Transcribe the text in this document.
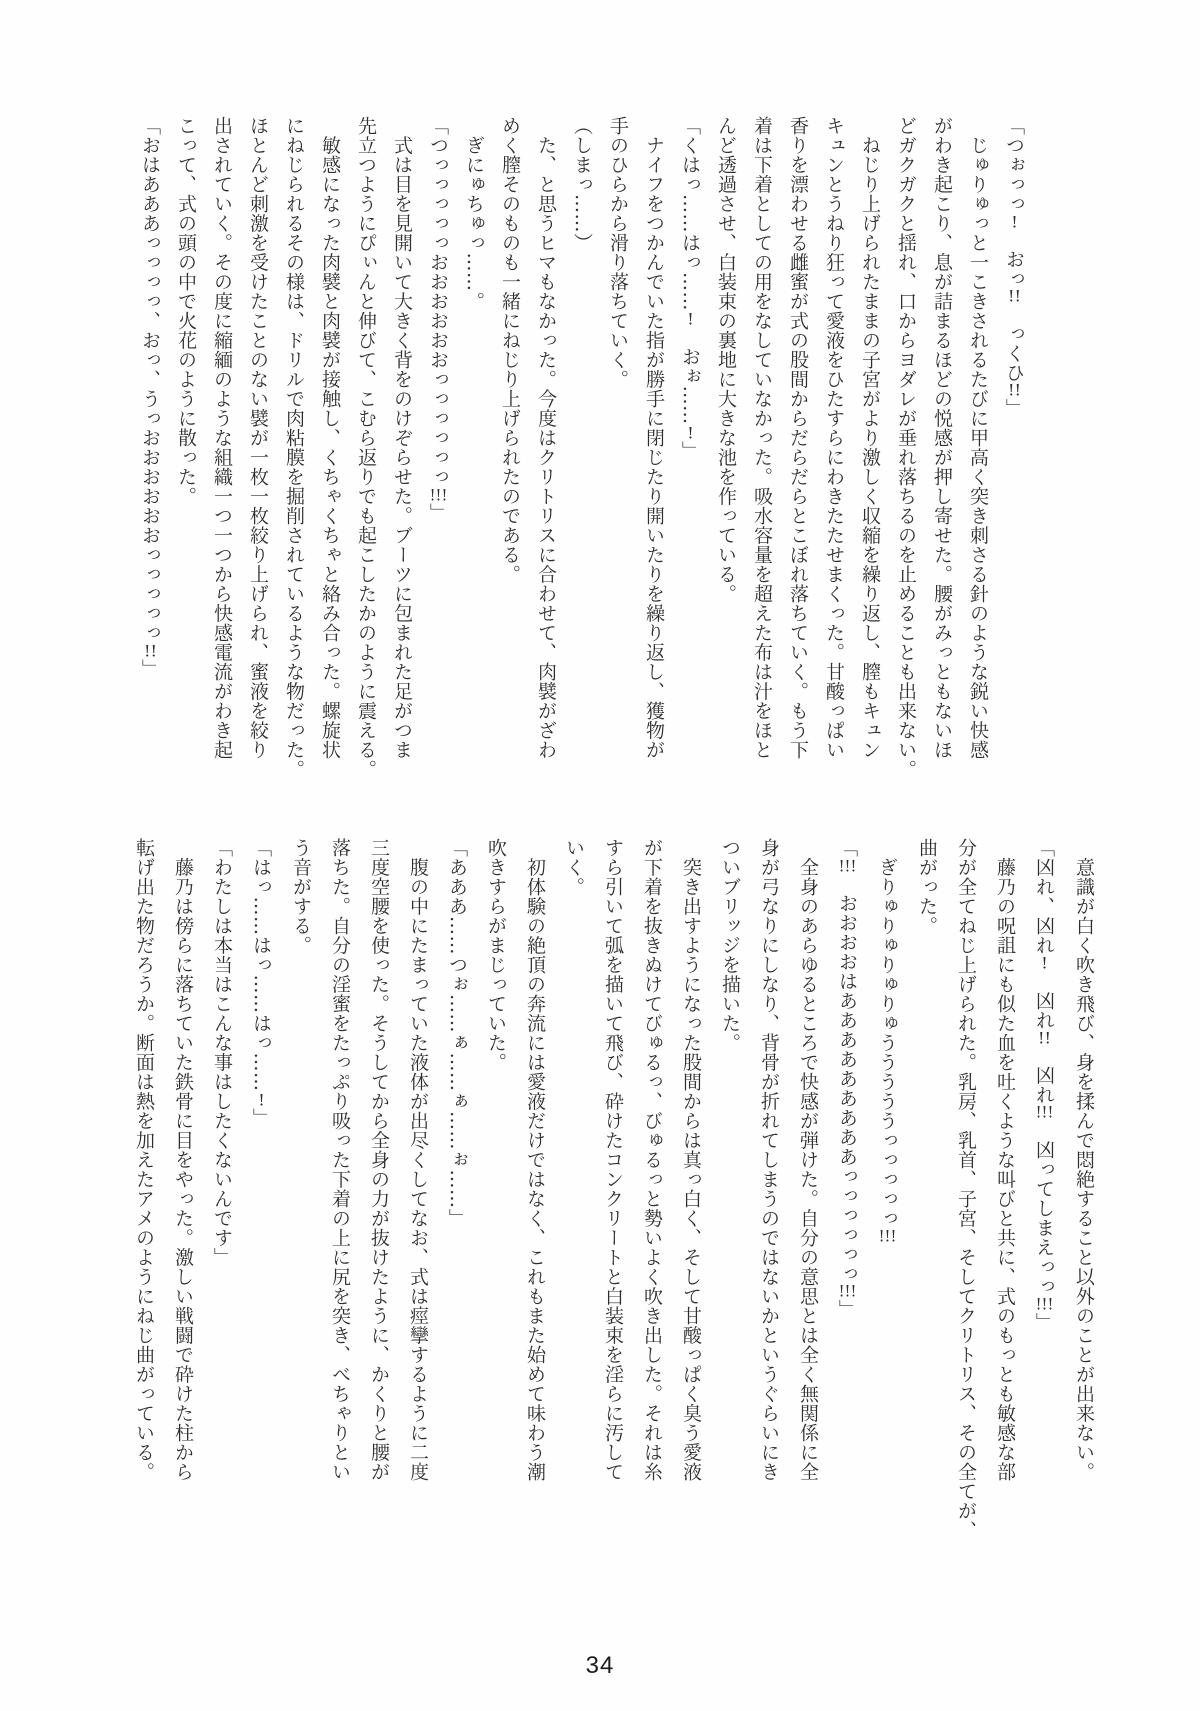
「つぉっっ!　おっ!!　っくひ!!」
　じゅりゅっと一こきされるたびに甲高く突き刺さる針のような鋭い快感
がわき起こり、息が詰まるほどの悦感が押し寄せた。腰がみっともないほ
どガクガクと揺れ、口からヨダレが垂れ落ちるのを止めることも出来ない。
　ねじり上げられたままの子宮がより激しく収縮を繰り返し、膣もキュン
キュンとうねり狂って愛液をひたすらにわきたたせまくった。甘酸っぱい
香りを漂わせる雌蜜が式の股間からだらだらとこぼれ落ちていく。もう下
着は下着としての用をなしていなかった。吸水容量を超えた布は汁をほと
んど透過させ、白装束の裏地に大きな池を作っている。
「くはっ……はっ……!　おぉ……!」
　ナイフをつかんでいた指が勝手に閉じたり開いたりを繰り返し、獲物が
手のひらから滑り落ちていく。
（しまっ……）
　た、と思うヒマもなかった。今度はクリトリスに合わせて、肉襞がざわ
めく膣そのものも一緒にねじり上げられたのである。
　ぎにゅちゅっ……。
「つっっっっっおおおおおおっっっっっっ!!!」
　式は目を見開いて大きく背をのけぞらせた。ブーツに包まれた足がつま
先立つようにぴぃんと伸びて、こむら返りでも起こしたかのように震える。
　敏感になった肉襞と肉襞が接触し、くちゃくちゃと絡み合った。螺旋状
にねじられるその様は、ドリルで肉粘膜を掘削されているような物だった。
ほとんど刺激を受けたことのない襞が一枚一枚絞り上げられ、蜜液を絞り
出されていく。その度に縮緬のような組織一つ一つから快感電流がわき起
こって、式の頭の中で火花のように散った。
「おはあああっっっっ、おっ、うっおおおおおおっっっっっ!!」
　意識が白く吹き飛び、身を揉んで悶絶すること以外のことが出来ない。
「凶れ、凶れ!　凶れ!!　凶れ!!!　凶ってしまえっっ!!!」
　藤乃の呪詛にも似た血を吐くような叫びと共に、式のもっとも敏感な部
分が全てねじ上げられた。乳房、乳首、子宮、そしてクリトリス、その全てが、
曲がった。
　ぎりゅりゅりゅりゅうううううっっっっっ!!!
「!!!　おおおおはあああああああああっっっっっっ!!!」
　全身のあらゆるところで快感が弾けた。自分の意思とは全く無関係に全
身が弓なりにしなり、背骨が折れてしまうのではないかというぐらいにき
ついブリッジを描いた。
　突き出すようになった股間からは真っ白く、そして甘酸っぱく臭う愛液
が下着を抜きぬけてびゅるっ、びゅるっと勢いよく吹き出した。それは糸
すら引いて弧を描いて飛び、砕けたコンクリートと白装束を淫らに汚して
いく。
　初体験の絶頂の奔流には愛液だけではなく、これもまた始めて味わう潮
吹きすらがまじっていた。
「あああ……つぉ……ぁ……ぁ……ぉ……」
　腹の中にたまっていた液体が出尽くしてなお、式は痙攣するように二度
三度空腰を使った。そうしてから全身の力が抜けたように、かくりと腰が
落ちた。自分の淫蜜をたっぷり吸った下着の上に尻を突き、べちゃりとい
う音がする。
「はっ……はっ……はっ……!」
「わたしは本当はこんな事はしたくないんです」
　藤乃は傍らに落ちていた鉄骨に目をやった。激しい戦闘で砕けた柱から
転げ出た物だろうか。断面は熱を加えたアメのようにねじ曲がっている。
34
